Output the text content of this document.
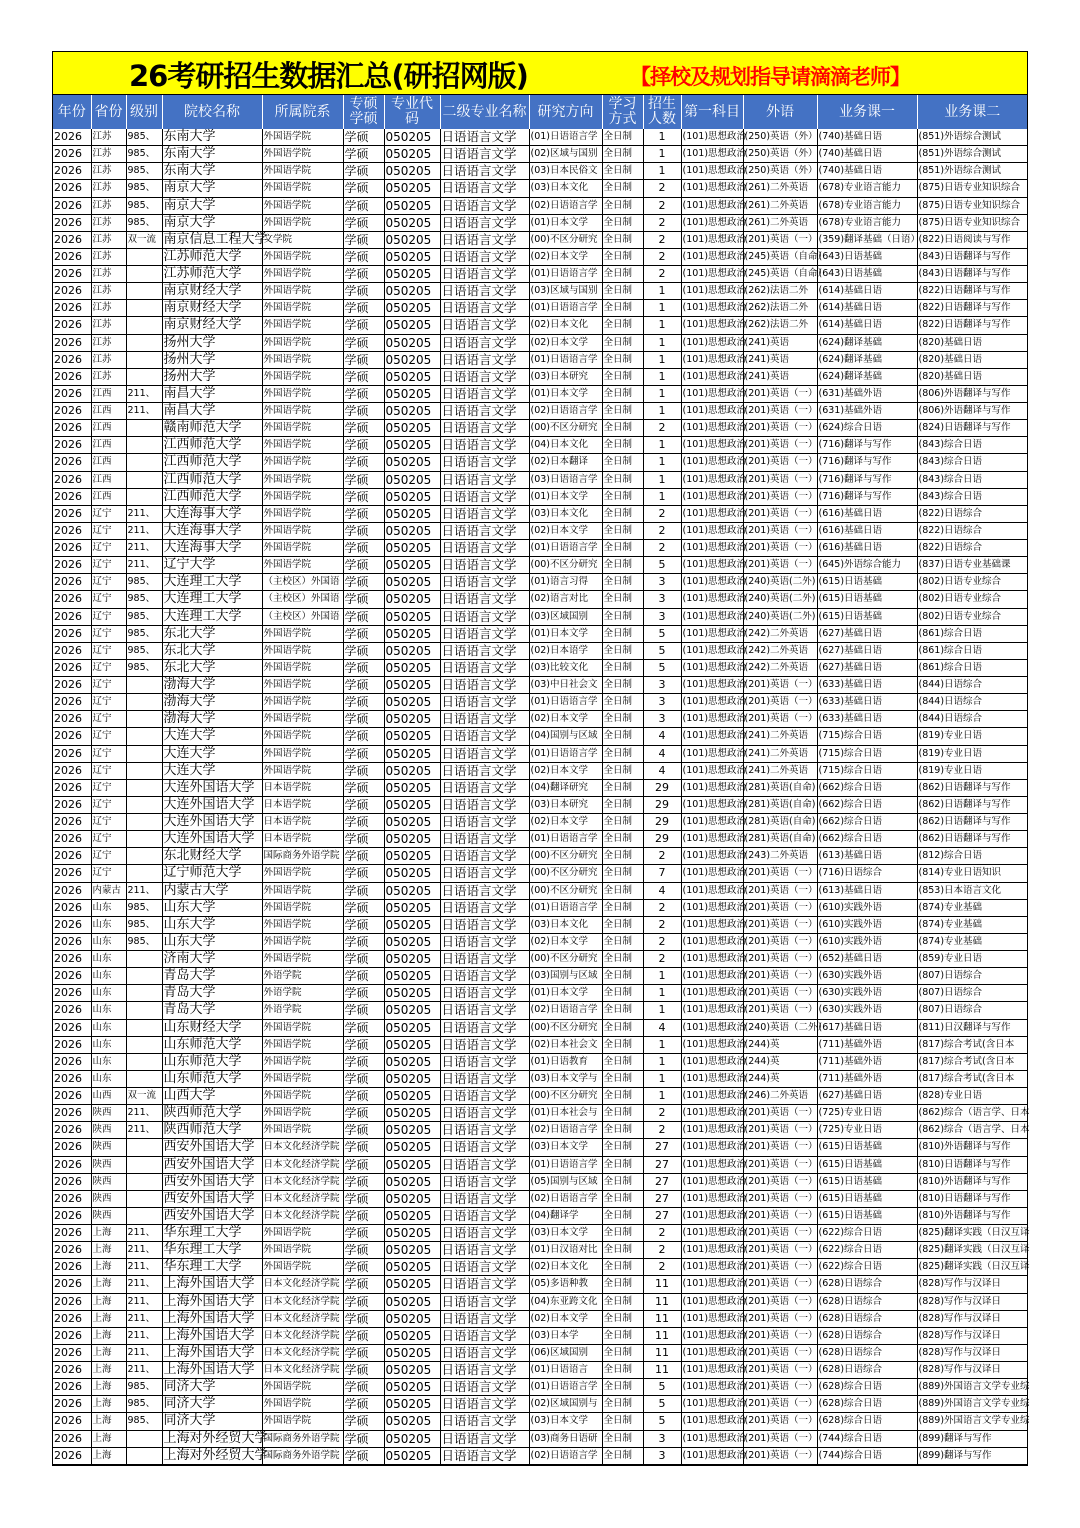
26考研招生数据汇总(研招网版)	【择校及规划指导请滴滴老师】
年份	省份	级别	院校名称	所属院系	专硕学硕	专业代码	二级专业名称	研究方向	学习方式	招生人数	第一科目	外语	业务课一	业务课二
2026	江苏	985、	东南大学	外国语学院	学硕	050205	日语语言文学	(01)日语语言学	全日制	1	(101)思想政治	(250)英语（外）	(740)基础日语	(851)外语综合测试
2026	江苏	985、	东南大学	外国语学院	学硕	050205	日语语言文学	(02)区域与国别	全日制	1	(101)思想政治	(250)英语（外）	(740)基础日语	(851)外语综合测试
2026	江苏	985、	东南大学	外国语学院	学硕	050205	日语语言文学	(03)日本民俗文	全日制	1	(101)思想政治	(250)英语（外）	(740)基础日语	(851)外语综合测试
2026	江苏	985、	南京大学	外国语学院	学硕	050205	日语语言文学	(03)日本文化	全日制	2	(101)思想政治	(261)二外英语	(678)专业语言能力	(875)日语专业知识综合
2026	江苏	985、	南京大学	外国语学院	学硕	050205	日语语言文学	(02)日语语言学	全日制	2	(101)思想政治	(261)二外英语	(678)专业语言能力	(875)日语专业知识综合
2026	江苏	985、	南京大学	外国语学院	学硕	050205	日语语言文学	(01)日本文学	全日制	2	(101)思想政治	(261)二外英语	(678)专业语言能力	(875)日语专业知识综合
2026	江苏	双一流	南京信息工程大学	文学院	学硕	050205	日语语言文学	(00)不区分研究	全日制	2	(101)思想政治	(201)英语（一）	(359)翻译基础（日语）	(822)日语阅读与写作
2026	江苏		江苏师范大学	外国语学院	学硕	050205	日语语言文学	(02)日本文学	全日制	2	(101)思想政治	(245)英语（自命）	(643)日语基础	(843)日语翻译与写作
2026	江苏		江苏师范大学	外国语学院	学硕	050205	日语语言文学	(01)日语语言学	全日制	2	(101)思想政治	(245)英语（自命）	(643)日语基础	(843)日语翻译与写作
2026	江苏		南京财经大学	外国语学院	学硕	050205	日语语言文学	(03)区域与国别	全日制	1	(101)思想政治	(262)法语二外	(614)基础日语	(822)日语翻译与写作
2026	江苏		南京财经大学	外国语学院	学硕	050205	日语语言文学	(01)日语语言学	全日制	1	(101)思想政治	(262)法语二外	(614)基础日语	(822)日语翻译与写作
2026	江苏		南京财经大学	外国语学院	学硕	050205	日语语言文学	(02)日本文化	全日制	1	(101)思想政治	(262)法语二外	(614)基础日语	(822)日语翻译与写作
2026	江苏		扬州大学	外国语学院	学硕	050205	日语语言文学	(02)日本文学	全日制	1	(101)思想政治	(241)英语	(624)翻译基础	(820)基础日语
2026	江苏		扬州大学	外国语学院	学硕	050205	日语语言文学	(01)日语语言学	全日制	1	(101)思想政治	(241)英语	(624)翻译基础	(820)基础日语
2026	江苏		扬州大学	外国语学院	学硕	050205	日语语言文学	(03)日本研究	全日制	1	(101)思想政治	(241)英语	(624)翻译基础	(820)基础日语
2026	江西	211、	南昌大学	外国语学院	学硕	050205	日语语言文学	(01)日本文学	全日制	1	(101)思想政治	(201)英语（一）	(631)基础外语	(806)外语翻译与写作
2026	江西	211、	南昌大学	外国语学院	学硕	050205	日语语言文学	(02)日语语言学	全日制	1	(101)思想政治	(201)英语（一）	(631)基础外语	(806)外语翻译与写作
2026	江西		赣南师范大学	外国语学院	学硕	050205	日语语言文学	(00)不区分研究	全日制	2	(101)思想政治	(201)英语（一）	(624)综合日语	(824)日语翻译与写作
2026	江西		江西师范大学	外国语学院	学硕	050205	日语语言文学	(04)日本文化	全日制	1	(101)思想政治	(201)英语（一）	(716)翻译与写作	(843)综合日语
2026	江西		江西师范大学	外国语学院	学硕	050205	日语语言文学	(02)日本翻译	全日制	1	(101)思想政治	(201)英语（一）	(716)翻译与写作	(843)综合日语
2026	江西		江西师范大学	外国语学院	学硕	050205	日语语言文学	(03)日语语言学	全日制	1	(101)思想政治	(201)英语（一）	(716)翻译与写作	(843)综合日语
2026	江西		江西师范大学	外国语学院	学硕	050205	日语语言文学	(01)日本文学	全日制	1	(101)思想政治	(201)英语（一）	(716)翻译与写作	(843)综合日语
2026	辽宁	211、	大连海事大学	外国语学院	学硕	050205	日语语言文学	(03)日本文化	全日制	2	(101)思想政治	(201)英语（一）	(616)基础日语	(822)日语综合
2026	辽宁	211、	大连海事大学	外国语学院	学硕	050205	日语语言文学	(02)日本文学	全日制	2	(101)思想政治	(201)英语（一）	(616)基础日语	(822)日语综合
2026	辽宁	211、	大连海事大学	外国语学院	学硕	050205	日语语言文学	(01)日语语言学	全日制	2	(101)思想政治	(201)英语（一）	(616)基础日语	(822)日语综合
2026	辽宁	211、	辽宁大学	外国语学院	学硕	050205	日语语言文学	(00)不区分研究	全日制	5	(101)思想政治	(201)英语（一）	(645)外语综合能力	(837)日语专业基础课
2026	辽宁	985、	大连理工大学	（主校区）外国语	学硕	050205	日语语言文学	(01)语言习得	全日制	3	(101)思想政治	(240)英语(二外)	(615)日语基础	(802)日语专业综合
2026	辽宁	985、	大连理工大学	（主校区）外国语	学硕	050205	日语语言文学	(02)语言对比	全日制	3	(101)思想政治	(240)英语(二外)	(615)日语基础	(802)日语专业综合
2026	辽宁	985、	大连理工大学	（主校区）外国语	学硕	050205	日语语言文学	(03)区域国别	全日制	3	(101)思想政治	(240)英语(二外)	(615)日语基础	(802)日语专业综合
2026	辽宁	985、	东北大学	外国语学院	学硕	050205	日语语言文学	(01)日本文学	全日制	5	(101)思想政治	(242)二外英语	(627)基础日语	(861)综合日语
2026	辽宁	985、	东北大学	外国语学院	学硕	050205	日语语言文学	(02)日本语学	全日制	5	(101)思想政治	(242)二外英语	(627)基础日语	(861)综合日语
2026	辽宁	985、	东北大学	外国语学院	学硕	050205	日语语言文学	(03)比较文化	全日制	5	(101)思想政治	(242)二外英语	(627)基础日语	(861)综合日语
2026	辽宁		渤海大学	外国语学院	学硕	050205	日语语言文学	(03)中日社会文	全日制	3	(101)思想政治	(201)英语（一）	(633)基础日语	(844)日语综合
2026	辽宁		渤海大学	外国语学院	学硕	050205	日语语言文学	(01)日语语言学	全日制	3	(101)思想政治	(201)英语（一）	(633)基础日语	(844)日语综合
2026	辽宁		渤海大学	外国语学院	学硕	050205	日语语言文学	(02)日本文学	全日制	3	(101)思想政治	(201)英语（一）	(633)基础日语	(844)日语综合
2026	辽宁		大连大学	外国语学院	学硕	050205	日语语言文学	(04)国别与区域	全日制	4	(101)思想政治	(241)二外英语	(715)综合日语	(819)专业日语
2026	辽宁		大连大学	外国语学院	学硕	050205	日语语言文学	(01)日语语言学	全日制	4	(101)思想政治	(241)二外英语	(715)综合日语	(819)专业日语
2026	辽宁		大连大学	外国语学院	学硕	050205	日语语言文学	(02)日本文学	全日制	4	(101)思想政治	(241)二外英语	(715)综合日语	(819)专业日语
2026	辽宁		大连外国语大学	日本语学院	学硕	050205	日语语言文学	(04)翻译研究	全日制	29	(101)思想政治	(281)英语(自命)	(662)综合日语	(862)日语翻译与写作
2026	辽宁		大连外国语大学	日本语学院	学硕	050205	日语语言文学	(03)日本研究	全日制	29	(101)思想政治	(281)英语(自命)	(662)综合日语	(862)日语翻译与写作
2026	辽宁		大连外国语大学	日本语学院	学硕	050205	日语语言文学	(02)日本文学	全日制	29	(101)思想政治	(281)英语(自命)	(662)综合日语	(862)日语翻译与写作
2026	辽宁		大连外国语大学	日本语学院	学硕	050205	日语语言文学	(01)日语语言学	全日制	29	(101)思想政治	(281)英语(自命)	(662)综合日语	(862)日语翻译与写作
2026	辽宁		东北财经大学	国际商务外语学院	学硕	050205	日语语言文学	(00)不区分研究	全日制	2	(101)思想政治	(243)二外英语	(613)基础日语	(812)综合日语
2026	辽宁		辽宁师范大学	外国语学院	学硕	050205	日语语言文学	(00)不区分研究	全日制	7	(101)思想政治	(201)英语（一）	(716)日语综合	(814)专业日语知识
2026	内蒙古	211、	内蒙古大学	外国语学院	学硕	050205	日语语言文学	(00)不区分研究	全日制	4	(101)思想政治	(201)英语（一）	(613)基础日语	(853)日本语言文化
2026	山东	985、	山东大学	外国语学院	学硕	050205	日语语言文学	(01)日语语言学	全日制	2	(101)思想政治	(201)英语（一）	(610)实践外语	(874)专业基础
2026	山东	985、	山东大学	外国语学院	学硕	050205	日语语言文学	(03)日本文化	全日制	2	(101)思想政治	(201)英语（一）	(610)实践外语	(874)专业基础
2026	山东	985、	山东大学	外国语学院	学硕	050205	日语语言文学	(02)日本文学	全日制	2	(101)思想政治	(201)英语（一）	(610)实践外语	(874)专业基础
2026	山东		济南大学	外国语学院	学硕	050205	日语语言文学	(00)不区分研究	全日制	2	(101)思想政治	(201)英语（一）	(652)基础日语	(859)专业日语
2026	山东		青岛大学	外语学院	学硕	050205	日语语言文学	(03)国别与区域	全日制	1	(101)思想政治	(201)英语（一）	(630)实践外语	(807)日语综合
2026	山东		青岛大学	外语学院	学硕	050205	日语语言文学	(01)日本文学	全日制	1	(101)思想政治	(201)英语（一）	(630)实践外语	(807)日语综合
2026	山东		青岛大学	外语学院	学硕	050205	日语语言文学	(02)日语语言学	全日制	1	(101)思想政治	(201)英语（一）	(630)实践外语	(807)日语综合
2026	山东		山东财经大学	外国语学院	学硕	050205	日语语言文学	(00)不区分研究	全日制	4	(101)思想政治	(240)英语（二外）	(617)基础日语	(811)日汉翻译与写作
2026	山东		山东师范大学	外国语学院	学硕	050205	日语语言文学	(02)日本社会文	全日制	1	(101)思想政治	(244)英	(711)基础外语	(817)综合考试(含日本
2026	山东		山东师范大学	外国语学院	学硕	050205	日语语言文学	(01)日语教育	全日制	1	(101)思想政治	(244)英	(711)基础外语	(817)综合考试(含日本
2026	山东		山东师范大学	外国语学院	学硕	050205	日语语言文学	(03)日本文学与	全日制	1	(101)思想政治	(244)英	(711)基础外语	(817)综合考试(含日本
2026	山西	双一流	山西大学	外国语学院	学硕	050205	日语语言文学	(00)不区分研究	全日制	1	(101)思想政治	(246)二外英语	(627)基础日语	(828)专业日语
2026	陕西	211、	陕西师范大学	外国语学院	学硕	050205	日语语言文学	(01)日本社会与	全日制	2	(101)思想政治	(201)英语（一）	(725)专业日语	(862)综合（语言学、日本
2026	陕西	211、	陕西师范大学	外国语学院	学硕	050205	日语语言文学	(02)日语语言学	全日制	2	(101)思想政治	(201)英语（一）	(725)专业日语	(862)综合（语言学、日本
2026	陕西		西安外国语大学	日本文化经济学院	学硕	050205	日语语言文学	(03)日本文学	全日制	27	(101)思想政治	(201)英语（一）	(615)日语基础	(810)外语翻译与写作
2026	陕西		西安外国语大学	日本文化经济学院	学硕	050205	日语语言文学	(01)日语语言学	全日制	27	(101)思想政治	(201)英语（一）	(615)日语基础	(810)日语翻译与写作
2026	陕西		西安外国语大学	日本文化经济学院	学硕	050205	日语语言文学	(05)国别与区域	全日制	27	(101)思想政治	(201)英语（一）	(615)日语基础	(810)外语翻译与写作
2026	陕西		西安外国语大学	日本文化经济学院	学硕	050205	日语语言文学	(02)日语语言学	全日制	27	(101)思想政治	(201)英语（一）	(615)日语基础	(810)日语翻译与写作
2026	陕西		西安外国语大学	日本文化经济学院	学硕	050205	日语语言文学	(04)翻译学	全日制	27	(101)思想政治	(201)英语（一）	(615)日语基础	(810)外语翻译与写作
2026	上海	211、	华东理工大学	外国语学院	学硕	050205	日语语言文学	(03)日本文学	全日制	2	(101)思想政治	(201)英语（一）	(622)综合日语	(825)翻译实践（日汉互译
2026	上海	211、	华东理工大学	外国语学院	学硕	050205	日语语言文学	(01)日汉语对比	全日制	2	(101)思想政治	(201)英语（一）	(622)综合日语	(825)翻译实践（日汉互译
2026	上海	211、	华东理工大学	外国语学院	学硕	050205	日语语言文学	(02)日本文化	全日制	2	(101)思想政治	(201)英语（一）	(622)综合日语	(825)翻译实践（日汉互译
2026	上海	211、	上海外国语大学	日本文化经济学院	学硕	050205	日语语言文学	(05)多语种教	全日制	11	(101)思想政治	(201)英语（一）	(628)日语综合	(828)写作与汉译日
2026	上海	211、	上海外国语大学	日本文化经济学院	学硕	050205	日语语言文学	(04)东亚跨文化	全日制	11	(101)思想政治	(201)英语（一）	(628)日语综合	(828)写作与汉译日
2026	上海	211、	上海外国语大学	日本文化经济学院	学硕	050205	日语语言文学	(02)日本文学	全日制	11	(101)思想政治	(201)英语（一）	(628)日语综合	(828)写作与汉译日
2026	上海	211、	上海外国语大学	日本文化经济学院	学硕	050205	日语语言文学	(03)日本学	全日制	11	(101)思想政治	(201)英语（一）	(628)日语综合	(828)写作与汉译日
2026	上海	211、	上海外国语大学	日本文化经济学院	学硕	050205	日语语言文学	(06)区域国别	全日制	11	(101)思想政治	(201)英语（一）	(628)日语综合	(828)写作与汉译日
2026	上海	211、	上海外国语大学	日本文化经济学院	学硕	050205	日语语言文学	(01)日语语言	全日制	11	(101)思想政治	(201)英语（一）	(628)日语综合	(828)写作与汉译日
2026	上海	985、	同济大学	外国语学院	学硕	050205	日语语言文学	(01)日语语言学	全日制	5	(101)思想政治	(201)英语（一）	(628)综合日语	(889)外国语言文学专业综
2026	上海	985、	同济大学	外国语学院	学硕	050205	日语语言文学	(02)区域国别与	全日制	5	(101)思想政治	(201)英语（一）	(628)综合日语	(889)外国语言文学专业综
2026	上海	985、	同济大学	外国语学院	学硕	050205	日语语言文学	(03)日本文学	全日制	5	(101)思想政治	(201)英语（一）	(628)综合日语	(889)外国语言文学专业综
2026	上海		上海对外经贸大学	国际商务外语学院	学硕	050205	日语语言文学	(03)商务日语研	全日制	3	(101)思想政治	(201)英语（一）	(744)综合日语	(899)翻译与写作
2026	上海		上海对外经贸大学	国际商务外语学院	学硕	050205	日语语言文学	(02)日语语言学	全日制	3	(101)思想政治	(201)英语（一）	(744)综合日语	(899)翻译与写作
